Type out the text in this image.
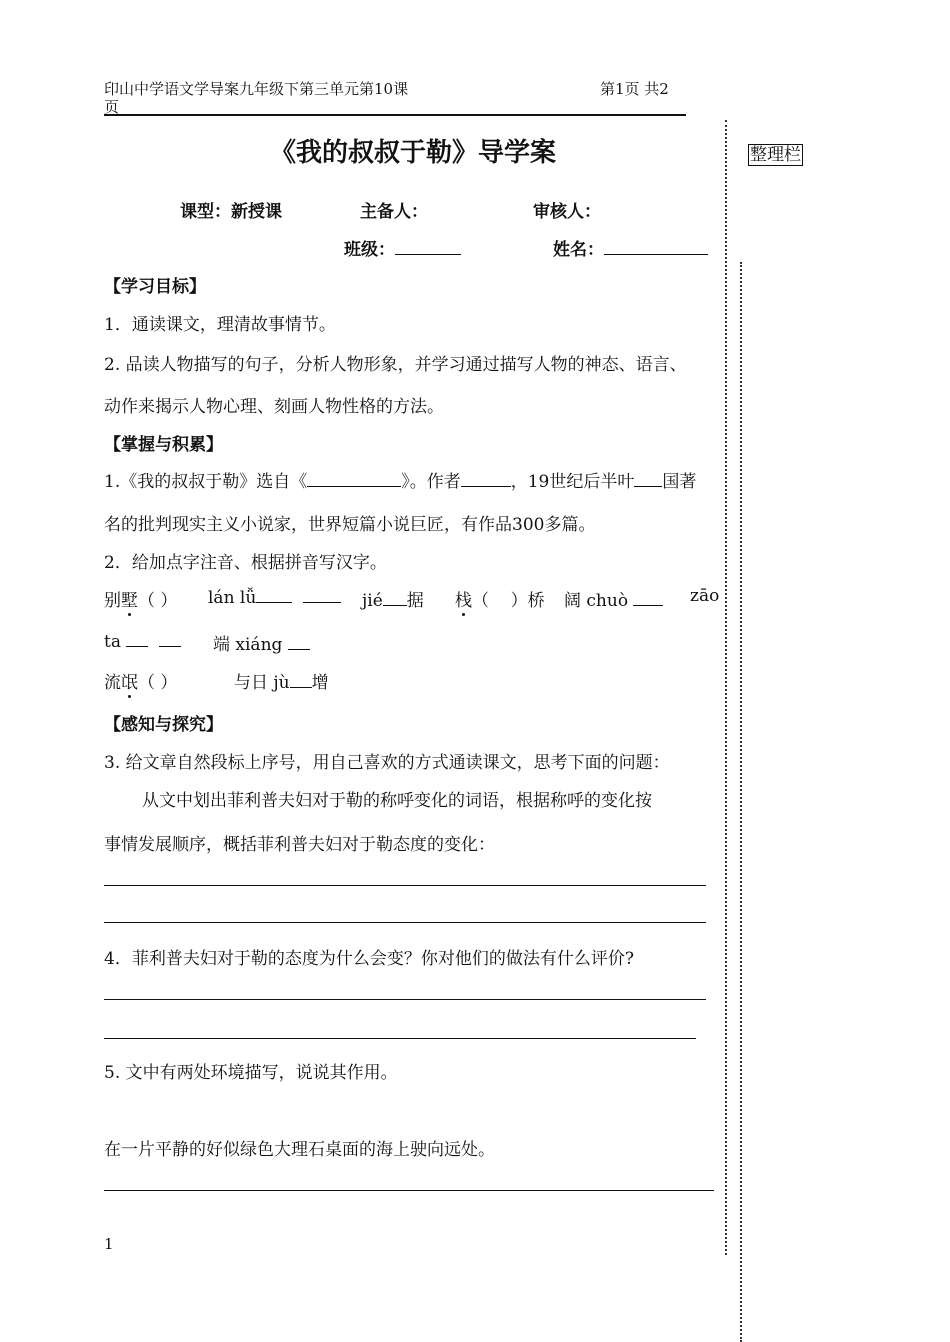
印山中学语文学导案九年级下第三单元第10课
页
第1页 共2
整理栏
《我的叔叔于勒》导学案
课型：新授课	主备人：	审核人：
班级：	姓名：
【学习目标】
1．通读课文，理清故事情节。
2. 品读人物描写的句子，分析人物形象，并学习通过描写人物的神态、语言、
动作来揭示人物心理、刻画人物性格的方法。
【掌握与积累】
1.《我的叔叔于勒》选自《	》。作者	，19世纪后半叶 国著
名的批判现实主义小说家，世界短篇小说巨匠，有作品300多篇。
2．给加点字注音、根据拼音写汉字。
别墅（ ） lán lǚ	jié 据 栈（ ）桥 阔 chuò	zāo
ta	端 xiáng
流氓（ ）	与日 jù 增
【感知与探究】
3. 给文章自然段标上序号，用自己喜欢的方式通读课文，思考下面的问题：
从文中划出菲利普夫妇对于勒的称呼变化的词语，根据称呼的变化按
事情发展顺序，概括菲利普夫妇对于勒态度的变化：
4．菲利普夫妇对于勒的态度为什么会变？你对他们的做法有什么评价?
5. 文中有两处环境描写，说说其作用。
在一片平静的好似绿色大理石桌面的海上驶向远处。
1
